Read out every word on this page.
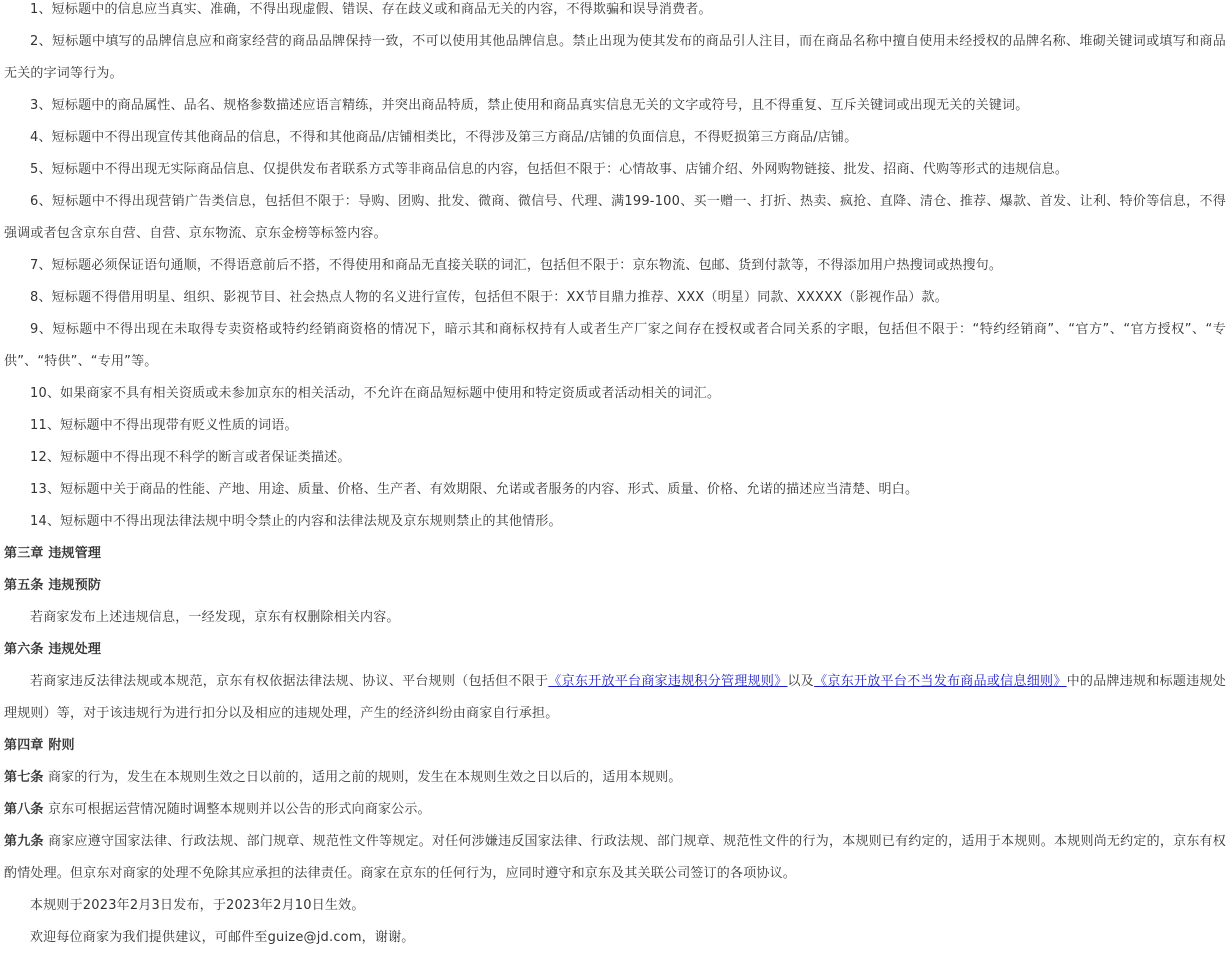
1、短标题中的信息应当真实、准确，不得出现虚假、错误、存在歧义或和商品无关的内容，不得欺骗和误导消费者。

2、短标题中填写的品牌信息应和商家经营的商品品牌保持一致，不可以使用其他品牌信息。禁止出现为使其发布的商品引人注目，而在商品名称中擅自使用未经授权的品牌名称、堆砌关键词或填写和商品无关的字词等行为。

3、短标题中的商品属性、品名、规格参数描述应语言精练，并突出商品特质，禁止使用和商品真实信息无关的文字或符号，且不得重复、互斥关键词或出现无关的关键词。

4、短标题中不得出现宣传其他商品的信息，不得和其他商品/店铺相类比，不得涉及第三方商品/店铺的负面信息，不得贬损第三方商品/店铺。

5、短标题中不得出现无实际商品信息、仅提供发布者联系方式等非商品信息的内容，包括但不限于：心情故事、店铺介绍、外网购物链接、批发、招商、代购等形式的违规信息。

6、短标题中不得出现营销广告类信息，包括但不限于：导购、团购、批发、微商、微信号、代理、满199-100、买一赠一、打折、热卖、疯抢、直降、清仓、推荐、爆款、首发、让利、特价等信息，不得强调或者包含京东自营、自营、京东物流、京东金榜等标签内容。

7、短标题必须保证语句通顺，不得语意前后不搭，不得使用和商品无直接关联的词汇，包括但不限于：京东物流、包邮、货到付款等，不得添加用户热搜词或热搜句。

8、短标题不得借用明星、组织、影视节目、社会热点人物的名义进行宣传，包括但不限于：XX节目鼎力推荐、XXX（明星）同款、XXXXX（影视作品）款。

9、短标题中不得出现在未取得专卖资格或特约经销商资格的情况下，暗示其和商标权持有人或者生产厂家之间存在授权或者合同关系的字眼，包括但不限于：“特约经销商”、“官方”、“官方授权”、“专供”、“特供”、“专用”等。

10、如果商家不具有相关资质或未参加京东的相关活动，不允许在商品短标题中使用和特定资质或者活动相关的词汇。

11、短标题中不得出现带有贬义性质的词语。

12、短标题中不得出现不科学的断言或者保证类描述。

13、短标题中关于商品的性能、产地、用途、质量、价格、生产者、有效期限、允诺或者服务的内容、形式、质量、价格、允诺的描述应当清楚、明白。

14、短标题中不得出现法律法规中明令禁止的内容和法律法规及京东规则禁止的其他情形。

第三章 违规管理

第五条 违规预防

若商家发布上述违规信息，一经发现，京东有权删除相关内容。

第六条 违规处理

若商家违反法律法规或本规范，京东有权依据法律法规、协议、平台规则（包括但不限于《京东开放平台商家违规积分管理规则》以及《京东开放平台不当发布商品或信息细则》中的品牌违规和标题违规处理规则）等，对于该违规行为进行扣分以及相应的违规处理，产生的经济纠纷由商家自行承担。

第四章 附则

第七条 商家的行为，发生在本规则生效之日以前的，适用之前的规则，发生在本规则生效之日以后的，适用本规则。

第八条 京东可根据运营情况随时调整本规则并以公告的形式向商家公示。

第九条 商家应遵守国家法律、行政法规、部门规章、规范性文件等规定。对任何涉嫌违反国家法律、行政法规、部门规章、规范性文件的行为，本规则已有约定的，适用于本规则。本规则尚无约定的，京东有权酌情处理。但京东对商家的处理不免除其应承担的法律责任。商家在京东的任何行为，应同时遵守和京东及其关联公司签订的各项协议。

本规则于2023年2月3日发布，于2023年2月10日生效。

欢迎每位商家为我们提供建议，可邮件至guize@jd.com，谢谢。
